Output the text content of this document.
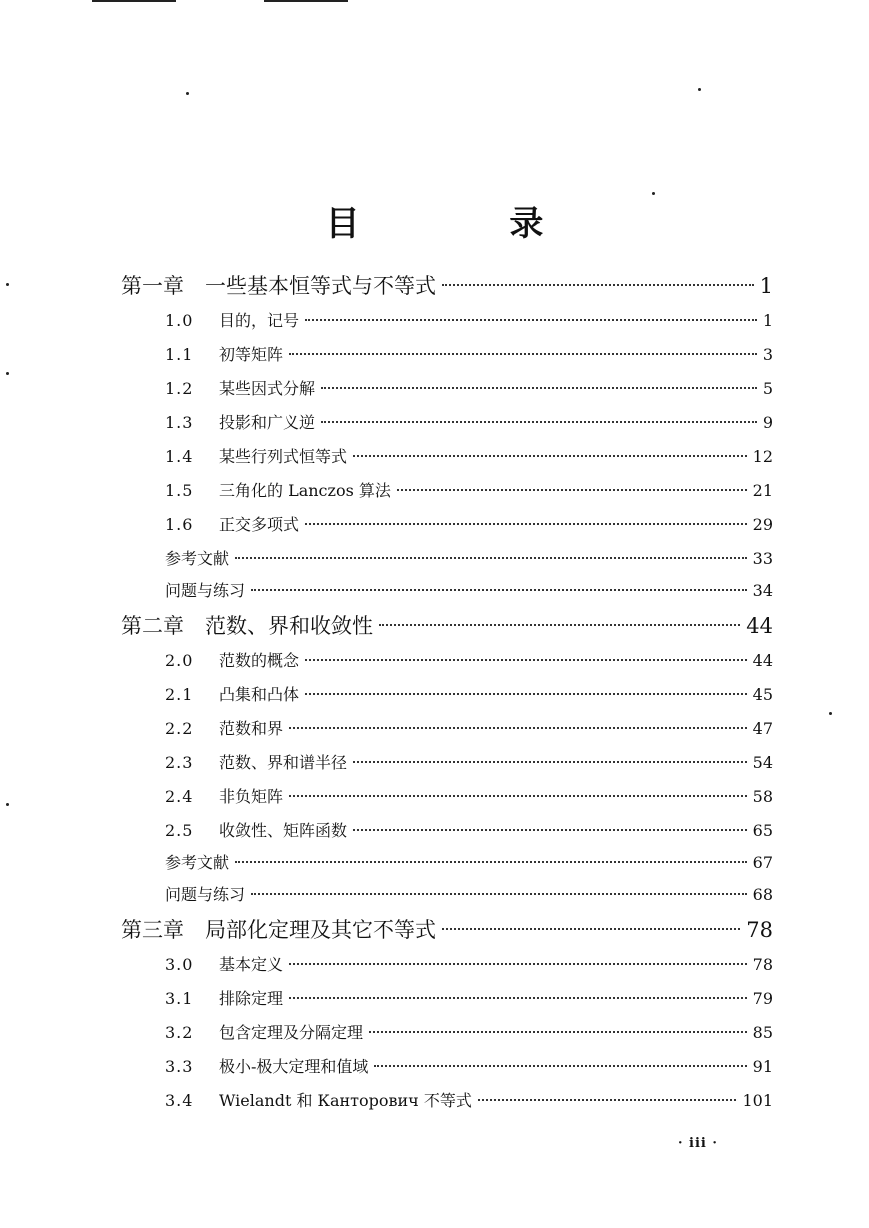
目	录
第一章　一些基本恒等式与不等式	1
1.0	目的，记号	1
1.1	初等矩阵	3
1.2	某些因式分解	5
1.3	投影和广义逆	9
1.4	某些行列式恒等式	12
1.5	三角化的 Lanczos 算法	21
1.6	正交多项式	29
参考文献	33
问题与练习	34
第二章　范数、界和收敛性	44
2.0	范数的概念	44
2.1	凸集和凸体	45
2.2	范数和界	47
2.3	范数、界和谱半径	54
2.4	非负矩阵	58
2.5	收敛性、矩阵函数	65
参考文献	67
问题与练习	68
第三章　局部化定理及其它不等式	78
3.0	基本定义	78
3.1	排除定理	79
3.2	包含定理及分隔定理	85
3.3	极小-极大定理和值域	91
3.4	Wielandt 和 Канторович 不等式	101
· iii ·
